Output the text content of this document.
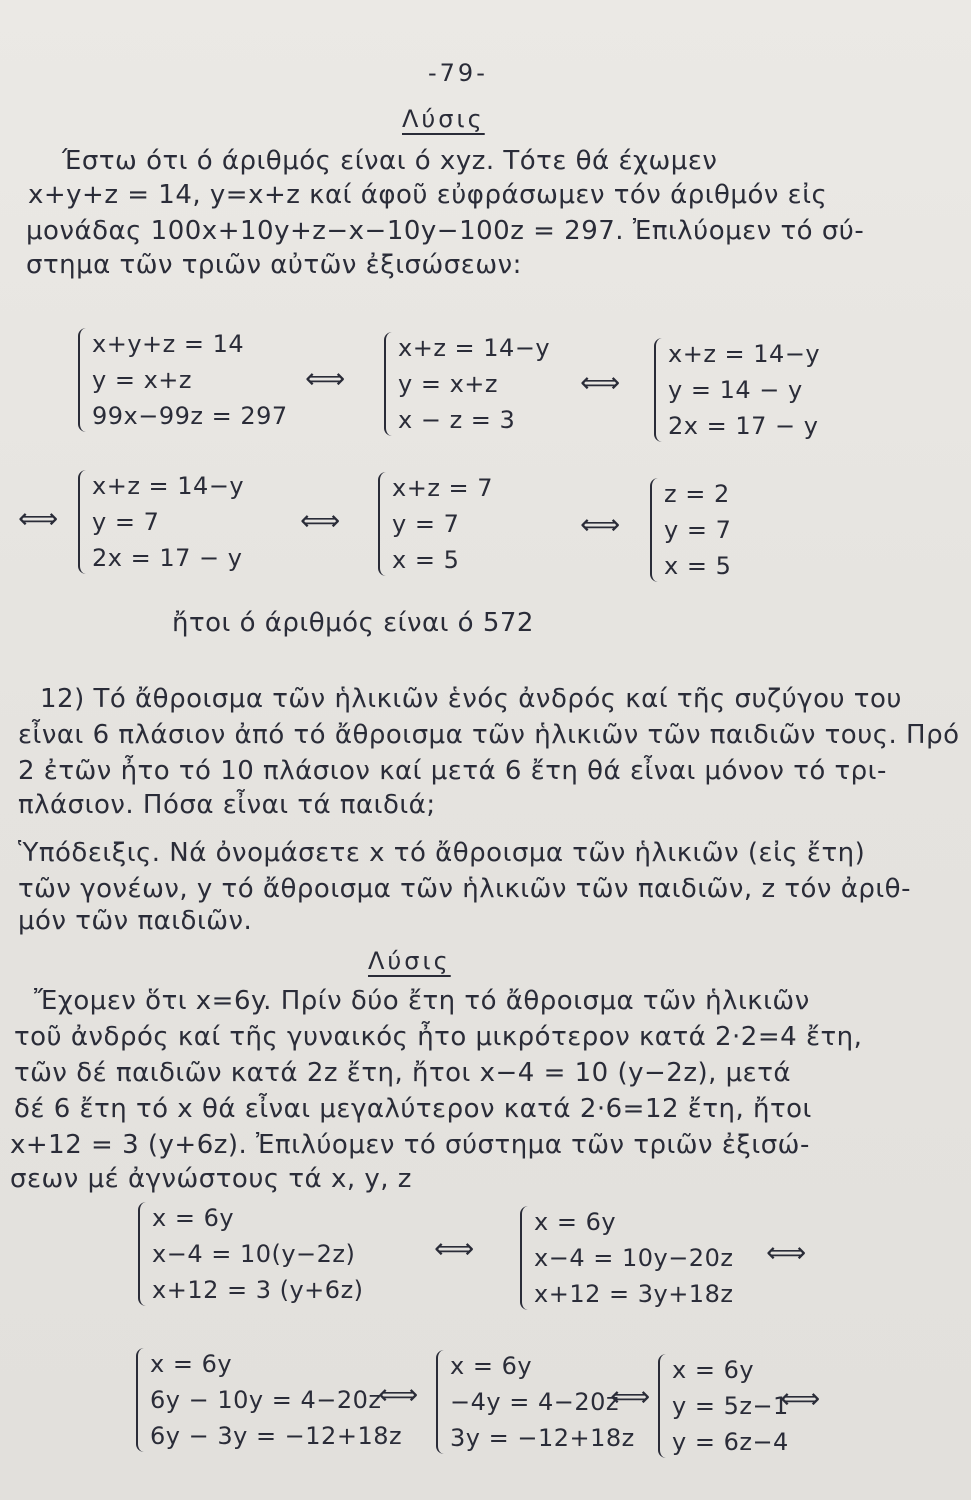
-79-
Λύσις
Έστω ότι ό άριθμός είναι ό xyz. Τότε θά έχωμεν
x+y+z = 14, y=x+z καί άφοῦ εὐφράσωμεν τόν άριθμόν εἰς
μονάδας 100x+10y+z−x−10y−100z = 297. Ἐπιλύομεν τό σύ-
στημα τῶν τριῶν αὐτῶν ἐξισώσεων:
x+y+z = 14
y = x+z
99x−99z = 297
⟺
x+z = 14−y
y = x+z
x − z = 3
⟺
x+z = 14−y
y = 14 − y
2x = 17 − y
⟺
x+z = 14−y
y = 7
2x = 17 − y
⟺
x+z = 7
y = 7
x = 5
⟺
z = 2
y = 7
x = 5
ἤτοι ό άριθμός είναι ό 572
12) Τό ἄθροισμα τῶν ἡλικιῶν ἑνός ἀνδρός καί τῆς συζύγου του
εἶναι 6 πλάσιον ἀπό τό ἄθροισμα τῶν ἡλικιῶν τῶν παιδιῶν τους. Πρό
2 ἐτῶν ἦτο τό 10 πλάσιον καί μετά 6 ἔτη θά εἶναι μόνον τό τρι-
πλάσιον. Πόσα εἶναι τά παιδιά;
Ὑπόδειξις. Νά ὀνομάσετε x τό ἄθροισμα τῶν ἡλικιῶν (εἰς ἔτη)
τῶν γονέων, y τό ἄθροισμα τῶν ἡλικιῶν τῶν παιδιῶν, z τόν ἀριθ-
μόν τῶν παιδιῶν.
Λύσις
Ἔχομεν ὅτι x=6y. Πρίν δύο ἔτη τό ἄθροισμα τῶν ἡλικιῶν
τοῦ ἀνδρός καί τῆς γυναικός ἦτο μικρότερον κατά 2·2=4 ἔτη,
τῶν δέ παιδιῶν κατά 2z ἔτη, ἤτοι x−4 = 10 (y−2z), μετά
δέ 6 ἔτη τό x θά εἶναι μεγαλύτερον κατά 2·6=12 ἔτη, ἤτοι
x+12 = 3 (y+6z). Ἐπιλύομεν τό σύστημα τῶν τριῶν ἐξισώ-
σεων μέ ἀγνώστους τά x, y, z
x = 6y
x−4 = 10(y−2z)
x+12 = 3 (y+6z)
⟺
x = 6y
x−4 = 10y−20z
x+12 = 3y+18z
⟺
x = 6y
6y − 10y = 4−20z
6y − 3y = −12+18z
⟺
x = 6y
−4y = 4−20z
3y = −12+18z
⟺
x = 6y
y = 5z−1
y = 6z−4
⟺
